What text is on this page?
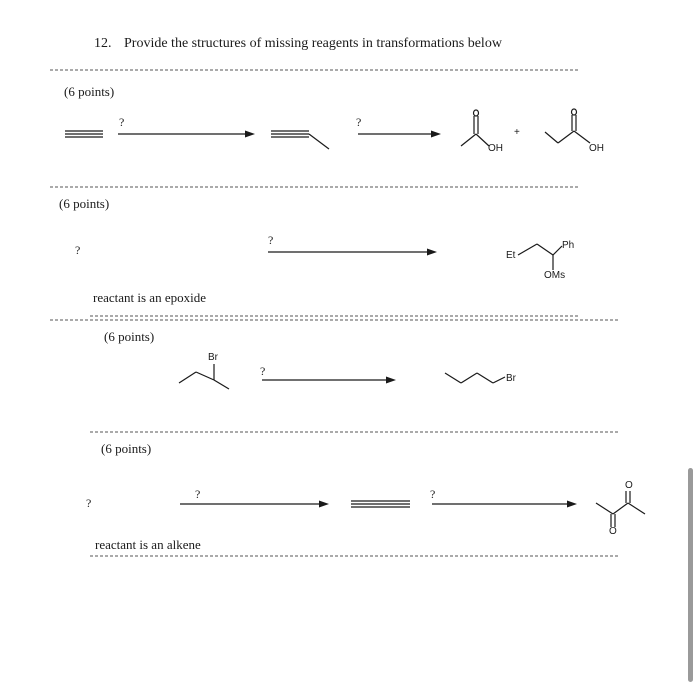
12. Provide the structures of missing reagents in transformations below
(6 points)
?	?
OH
+
OH
(6 points)
?
?
Et
Ph
OMs
reactant is an epoxide
(6 points)
Br
?
Br
(6 points)
?
?	?
O
O
reactant is an alkene
